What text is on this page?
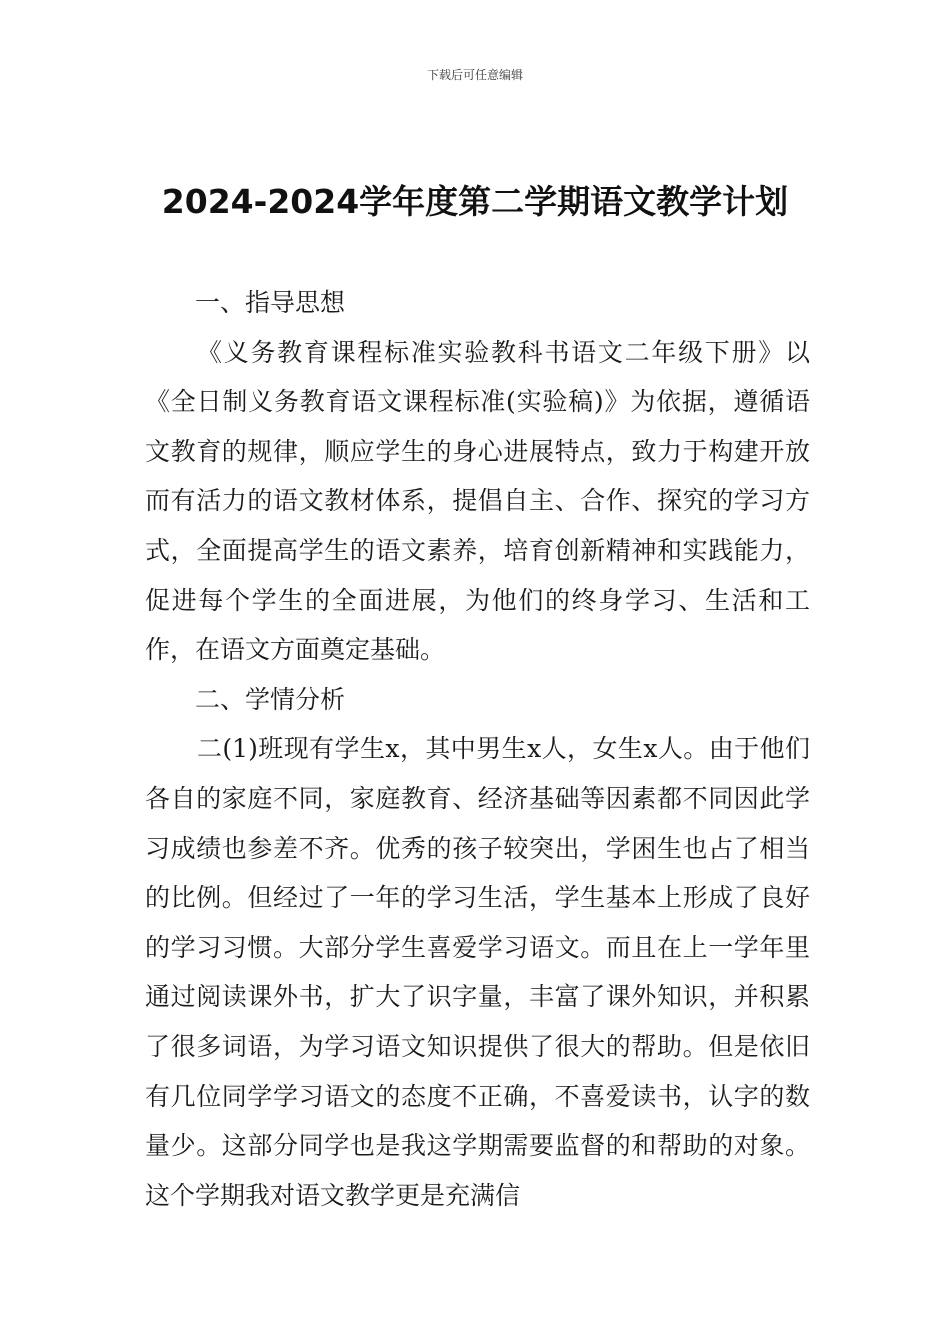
下载后可任意编辑
2024-2024学年度第二学期语文教学计划

一、指导思想

《义务教育课程标准实验教科书语文二年级下册》以《全日制义务教育语文课程标准(实验稿)》为依据，遵循语文教育的规律，顺应学生的身心进展特点，致力于构建开放而有活力的语文教材体系，提倡自主、合作、探究的学习方式，全面提高学生的语文素养，培育创新精神和实践能力，促进每个学生的全面进展，为他们的终身学习、生活和工作，在语文方面奠定基础。

二、学情分析

二(1)班现有学生x，其中男生x人，女生x人。由于他们各自的家庭不同，家庭教育、经济基础等因素都不同因此学习成绩也参差不齐。优秀的孩子较突出，学困生也占了相当的比例。但经过了一年的学习生活，学生基本上形成了良好的学习习惯。大部分学生喜爱学习语文。而且在上一学年里通过阅读课外书，扩大了识字量，丰富了课外知识，并积累了很多词语，为学习语文知识提供了很大的帮助。但是依旧有几位同学学习语文的态度不正确，不喜爱读书，认字的数量少。这部分同学也是我这学期需要监督的和帮助的对象。这个学期我对语文教学更是充满信
